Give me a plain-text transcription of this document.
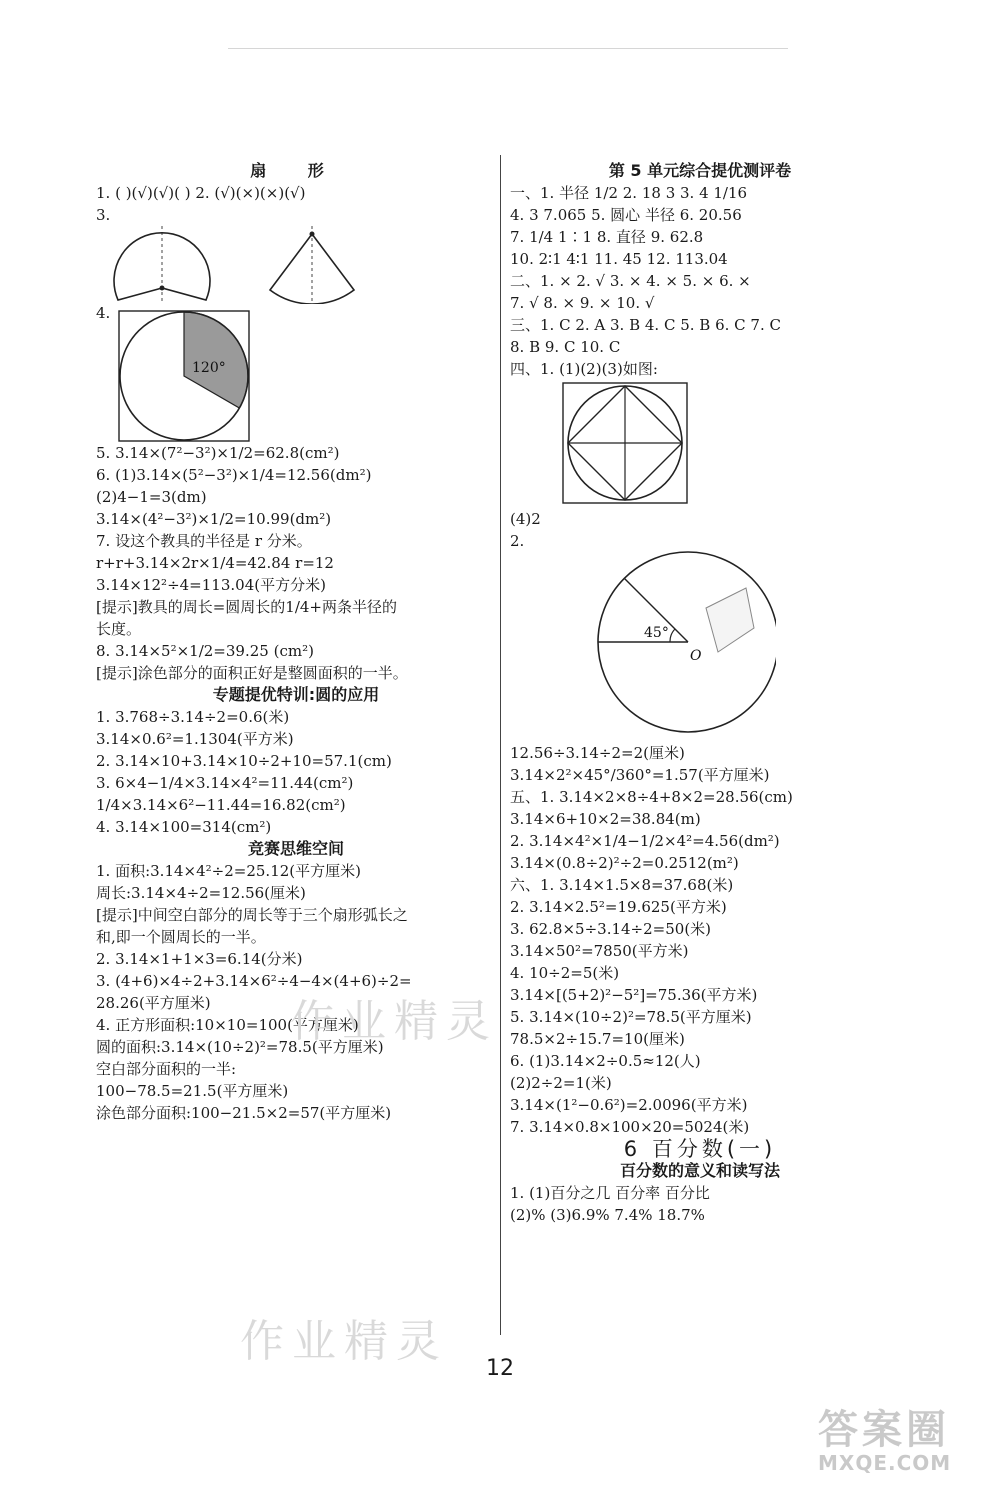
扇 形
1. ( )(√)(√)( ) 2. (√)(×)(×)(√)
3.
4.
120°
5. 3.14×(7²−3²)×1/2=62.8(cm²)
6. (1)3.14×(5²−3²)×1/4=12.56(dm²)
(2)4−1=3(dm)
3.14×(4²−3²)×1/2=10.99(dm²)
7. 设这个教具的半径是 r 分米。
r+r+3.14×2r×1/4=42.84 r=12
3.14×12²÷4=113.04(平方分米)
[提示]教具的周长=圆周长的1/4+两条半径的
长度。
8. 3.14×5²×1/2=39.25 (cm²)
[提示]涂色部分的面积正好是整圆面积的一半。
专题提优特训:圆的应用
1. 3.768÷3.14÷2=0.6(米)
3.14×0.6²=1.1304(平方米)
2. 3.14×10+3.14×10÷2+10=57.1(cm)
3. 6×4−1/4×3.14×4²=11.44(cm²)
1/4×3.14×6²−11.44=16.82(cm²)
4. 3.14×100=314(cm²)
竞赛思维空间
1. 面积:3.14×4²÷2=25.12(平方厘米)
周长:3.14×4÷2=12.56(厘米)
[提示]中间空白部分的周长等于三个扇形弧长之
和,即一个圆周长的一半。
2. 3.14×1+1×3=6.14(分米)
3. (4+6)×4÷2+3.14×6²÷4−4×(4+6)÷2=
28.26(平方厘米)
4. 正方形面积:10×10=100(平方厘米)
圆的面积:3.14×(10÷2)²=78.5(平方厘米)
空白部分面积的一半:
100−78.5=21.5(平方厘米)
涂色部分面积:100−21.5×2=57(平方厘米)
第 5 单元综合提优测评卷
一、1. 半径 1/2 2. 18 3 3. 4 1/16
4. 3 7.065 5. 圆心 半径 6. 20.56
7. 1/4 1∶1 8. 直径 9. 62.8
10. 2∶1 4∶1 11. 45 12. 113.04
二、1. × 2. √ 3. × 4. × 5. × 6. ×
7. √ 8. × 9. × 10. √
三、1. C 2. A 3. B 4. C 5. B 6. C 7. C
8. B 9. C 10. C
四、1. (1)(2)(3)如图:
(4)2
2.
45°
O
12.56÷3.14÷2=2(厘米)
3.14×2²×45°/360°=1.57(平方厘米)
五、1. 3.14×2×8÷4+8×2=28.56(cm)
3.14×6+10×2=38.84(m)
2. 3.14×4²×1/4−1/2×4²=4.56(dm²)
3.14×(0.8÷2)²÷2=0.2512(m²)
六、1. 3.14×1.5×8=37.68(米)
2. 3.14×2.5²=19.625(平方米)
3. 62.8×5÷3.14÷2=50(米)
3.14×50²=7850(平方米)
4. 10÷2=5(米)
3.14×[(5+2)²−5²]=75.36(平方米)
5. 3.14×(10÷2)²=78.5(平方厘米)
78.5×2÷15.7=10(厘米)
6. (1)3.14×2÷0.5≈12(人)
(2)2÷2=1(米)
3.14×(1²−0.6²)=2.0096(平方米)
7. 3.14×0.8×100×20=5024(米)
6 百分数(一)
百分数的意义和读写法
1. (1)百分之几 百分率 百分比
(2)% (3)6.9% 7.4% 18.7%
12
作业精灵
作业精灵
答案圈
MXQE.COM
